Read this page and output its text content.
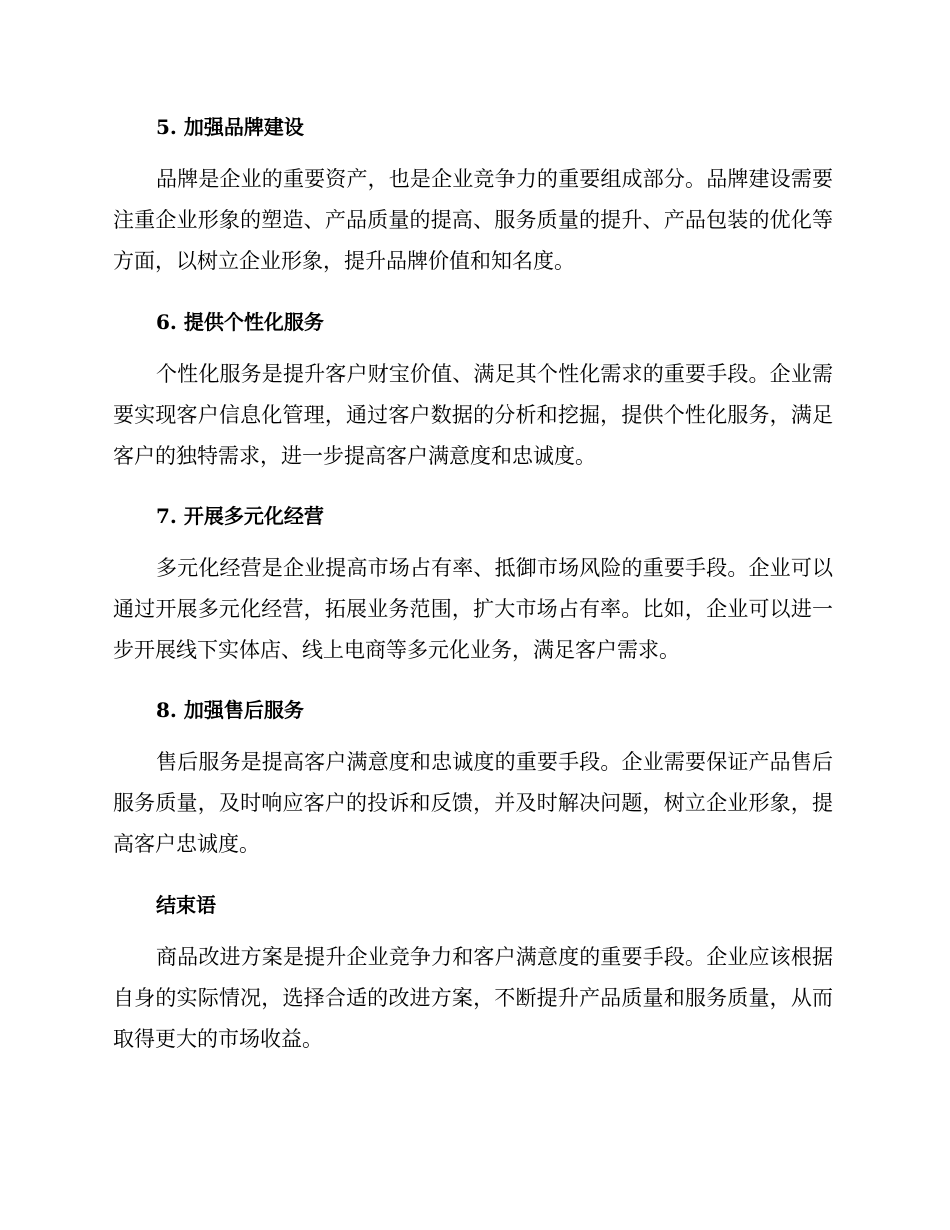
5. 加强品牌建设

品牌是企业的重要资产，也是企业竞争力的重要组成部分。品牌建设需要注重企业形象的塑造、产品质量的提高、服务质量的提升、产品包装的优化等方面，以树立企业形象，提升品牌价值和知名度。

6. 提供个性化服务

个性化服务是提升客户财宝价值、满足其个性化需求的重要手段。企业需要实现客户信息化管理，通过客户数据的分析和挖掘，提供个性化服务，满足客户的独特需求，进一步提高客户满意度和忠诚度。

7. 开展多元化经营

多元化经营是企业提高市场占有率、抵御市场风险的重要手段。企业可以通过开展多元化经营，拓展业务范围，扩大市场占有率。比如，企业可以进一步开展线下实体店、线上电商等多元化业务，满足客户需求。

8. 加强售后服务

售后服务是提高客户满意度和忠诚度的重要手段。企业需要保证产品售后服务质量，及时响应客户的投诉和反馈，并及时解决问题，树立企业形象，提高客户忠诚度。

结束语

商品改进方案是提升企业竞争力和客户满意度的重要手段。企业应该根据自身的实际情况，选择合适的改进方案，不断提升产品质量和服务质量，从而取得更大的市场收益。
